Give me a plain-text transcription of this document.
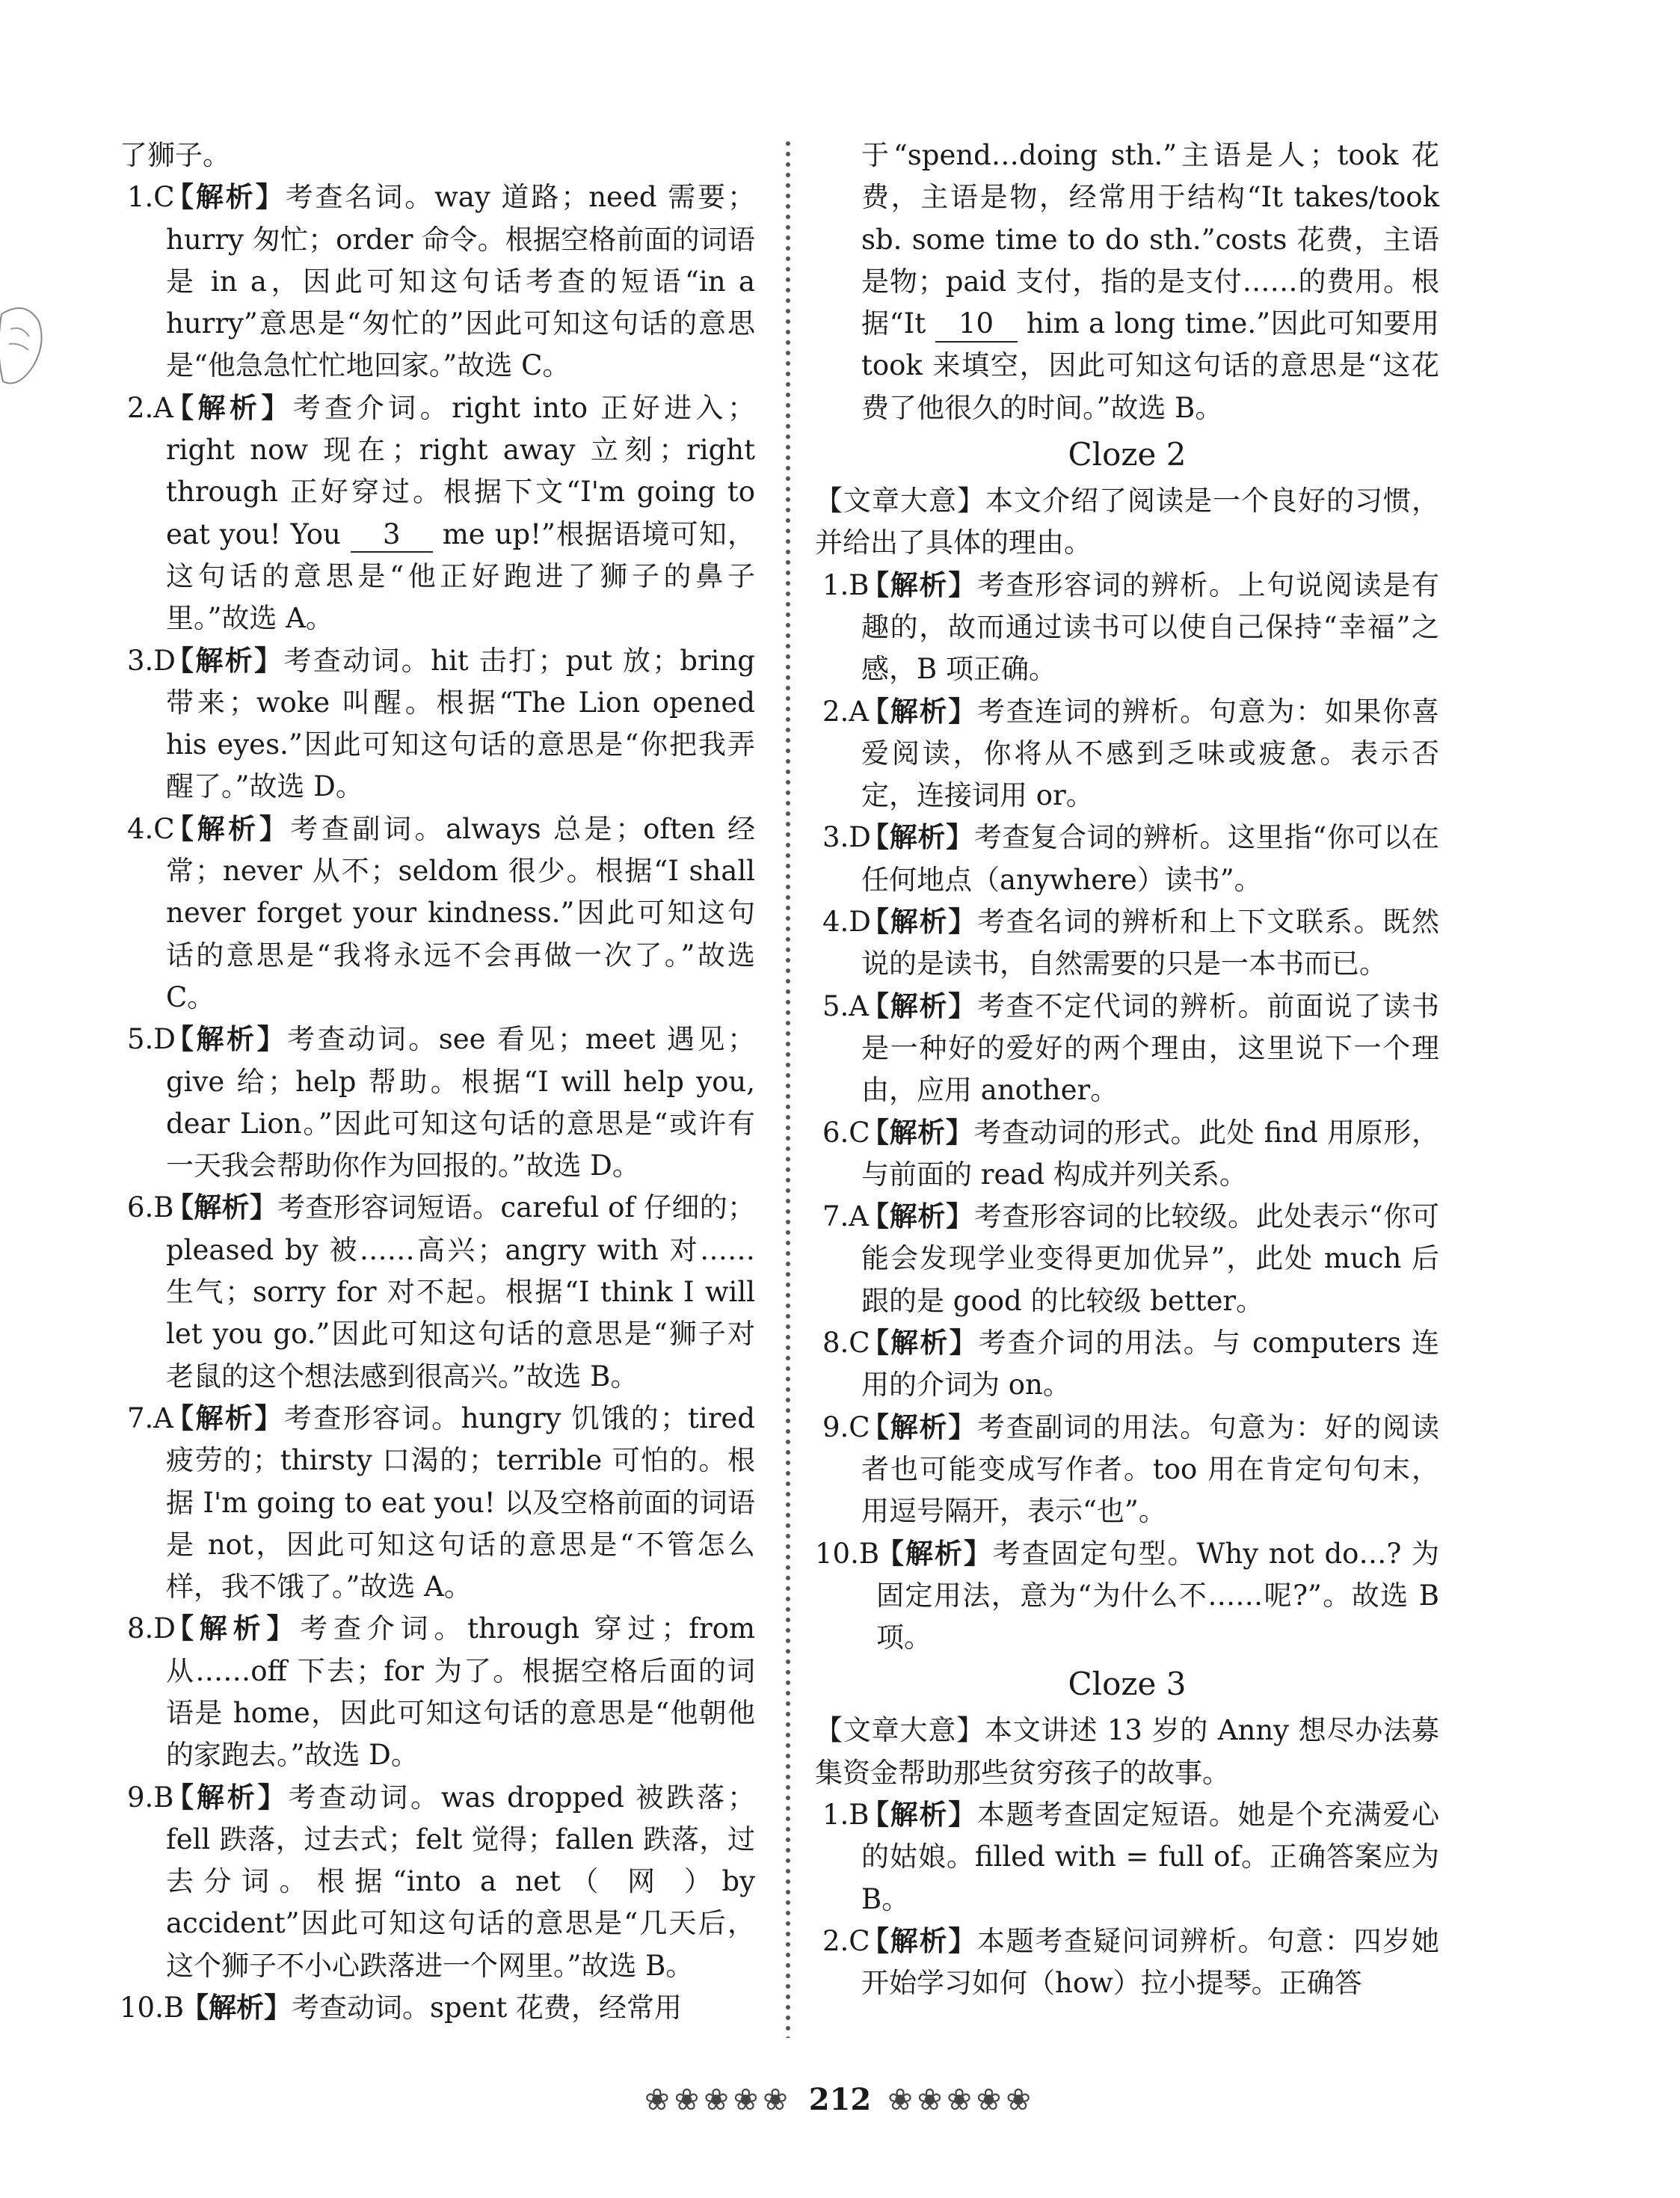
了狮子。
1.C
【解析】考查名词。way 道路；need 需要；hurry 匆忙；order 命令。根据空格前面的词语是 in a，因此可知这句话考查的短语“in a hurry”意思是“匆忙的”因此可知这句话的意思是“他急急忙忙地回家。”故选 C。
2.A
【解析】考查介词。right into 正好进入；right now 现在；right away 立刻；right through 正好穿过。根据下文“I'm going to eat you! You 3 me up!”根据语境可知，这句话的意思是“他正好跑进了狮子的鼻子里。”故选 A。
3.D
【解析】考查动词。hit 击打；put 放；bring 带来；woke 叫醒。根据“The Lion opened his eyes.”因此可知这句话的意思是“你把我弄醒了。”故选 D。
4.C
【解析】考查副词。always 总是；often 经常；never 从不；seldom 很少。根据“I shall never forget your kindness.”因此可知这句话的意思是“我将永远不会再做一次了。”故选 C。
5.D
【解析】考查动词。see 看见；meet 遇见；give 给；help 帮助。根据“I will help you, dear Lion。”因此可知这句话的意思是“或许有一天我会帮助你作为回报的。”故选 D。
6.B
【解析】考查形容词短语。careful of 仔细的；pleased by 被……高兴；angry with 对……生气；sorry for 对不起。根据“I think I will let you go.”因此可知这句话的意思是“狮子对老鼠的这个想法感到很高兴。”故选 B。
7.A
【解析】考查形容词。hungry 饥饿的；tired 疲劳的；thirsty 口渴的；terrible 可怕的。根据 I'm going to eat you! 以及空格前面的词语是 not，因此可知这句话的意思是“不管怎么样，我不饿了。”故选 A。
8.D
【解析】考查介词。through 穿过；from 从……off 下去；for 为了。根据空格后面的词语是 home，因此可知这句话的意思是“他朝他的家跑去。”故选 D。
9.B
【解析】考查动词。was dropped 被跌落；fell 跌落，过去式；felt 觉得；fallen 跌落，过去分词。根据“into a net（ 网 ）by accident”因此可知这句话的意思是“几天后，这个狮子不小心跌落进一个网里。”故选 B。
10.B
【解析】考查动词。spent 花费，经常用
于“spend…doing sth.”主语是人；took 花费，主语是物，经常用于结构“It takes/took sb. some time to do sth.”costs 花费，主语是物；paid 支付，指的是支付……的费用。根据“It 10 him a long time.”因此可知要用 took 来填空，因此可知这句话的意思是“这花费了他很久的时间。”故选 B。
Cloze 2
【文章大意】本文介绍了阅读是一个良好的习惯，并给出了具体的理由。
1.B
【解析】考查形容词的辨析。上句说阅读是有趣的，故而通过读书可以使自己保持“幸福”之感，B 项正确。
2.A
【解析】考查连词的辨析。句意为：如果你喜爱阅读，你将从不感到乏味或疲惫。表示否定，连接词用 or。
3.D
【解析】考查复合词的辨析。这里指“你可以在任何地点（anywhere）读书”。
4.D
【解析】考查名词的辨析和上下文联系。既然说的是读书，自然需要的只是一本书而已。
5.A
【解析】考查不定代词的辨析。前面说了读书是一种好的爱好的两个理由，这里说下一个理由，应用 another。
6.C
【解析】考查动词的形式。此处 find 用原形，与前面的 read 构成并列关系。
7.A
【解析】考查形容词的比较级。此处表示“你可能会发现学业变得更加优异”，此处 much 后跟的是 good 的比较级 better。
8.C
【解析】考查介词的用法。与 computers 连用的介词为 on。
9.C
【解析】考查副词的用法。句意为：好的阅读者也可能变成写作者。too 用在肯定句句末，用逗号隔开，表示“也”。
10.B
【解析】考查固定句型。Why not do…? 为固定用法，意为“为什么不……呢?”。故选 B 项。
Cloze 3
【文章大意】本文讲述 13 岁的 Anny 想尽办法募集资金帮助那些贫穷孩子的故事。
1.B
【解析】本题考查固定短语。她是个充满爱心的姑娘。filled with = full of。正确答案应为 B。
2.C
【解析】本题考查疑问词辨析。句意：四岁她开始学习如何（how）拉小提琴。正确答
❀❀❀❀❀ 212 ❀❀❀❀❀
